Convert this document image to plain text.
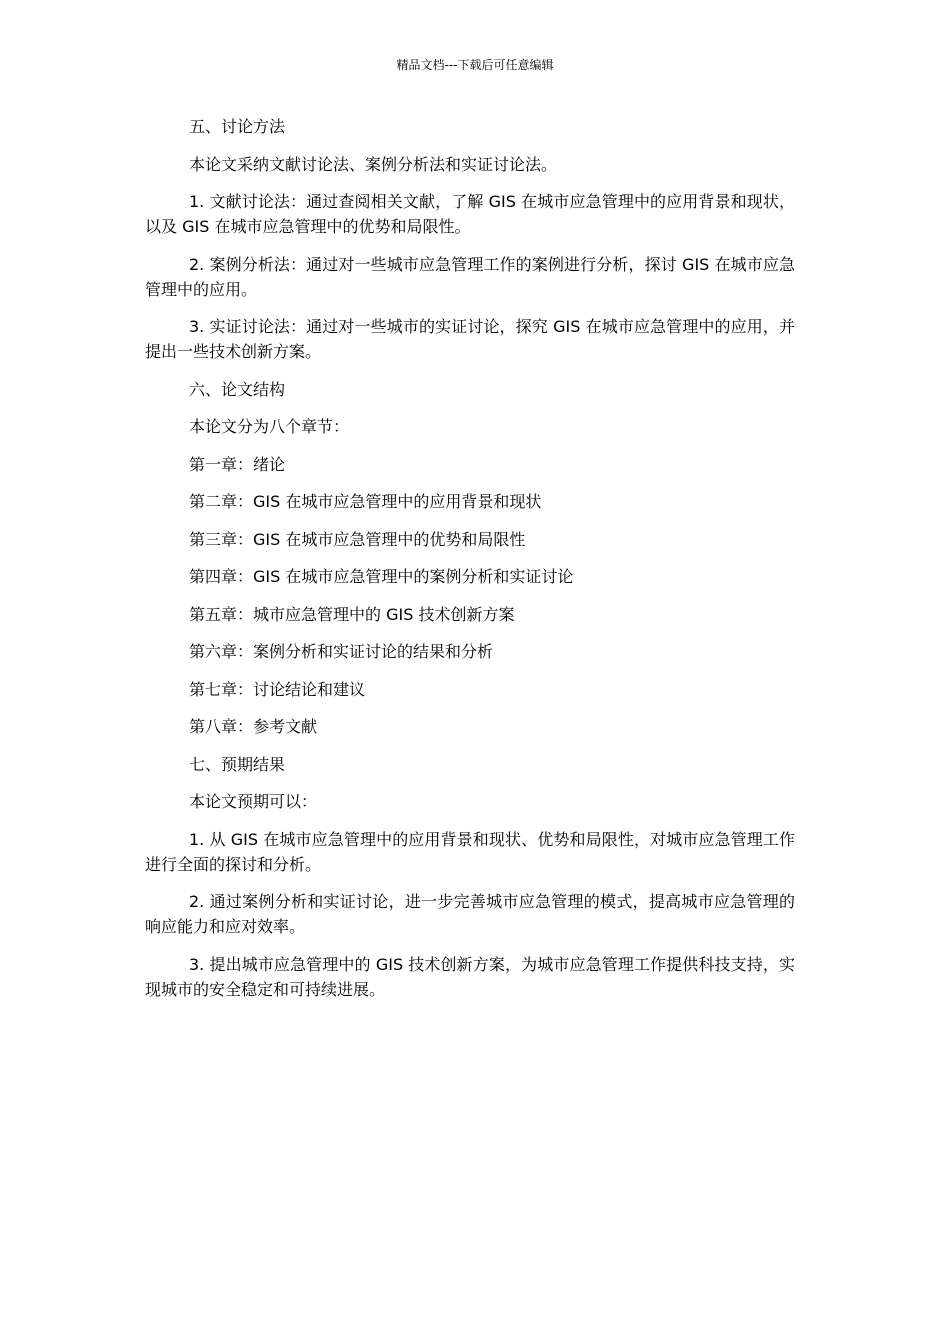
精品文档---下载后可任意编辑

五、讨论方法

本论文采纳文献讨论法、案例分析法和实证讨论法。

1. 文献讨论法：通过查阅相关文献，了解 GIS 在城市应急管理中的应用背景和现状，以及 GIS 在城市应急管理中的优势和局限性。

2. 案例分析法：通过对一些城市应急管理工作的案例进行分析，探讨 GIS 在城市应急管理中的应用。

3. 实证讨论法：通过对一些城市的实证讨论，探究 GIS 在城市应急管理中的应用，并提出一些技术创新方案。

六、论文结构

本论文分为八个章节：

第一章：绪论

第二章：GIS 在城市应急管理中的应用背景和现状

第三章：GIS 在城市应急管理中的优势和局限性

第四章：GIS 在城市应急管理中的案例分析和实证讨论

第五章：城市应急管理中的 GIS 技术创新方案

第六章：案例分析和实证讨论的结果和分析

第七章：讨论结论和建议

第八章：参考文献

七、预期结果

本论文预期可以：

1. 从 GIS 在城市应急管理中的应用背景和现状、优势和局限性，对城市应急管理工作进行全面的探讨和分析。

2. 通过案例分析和实证讨论，进一步完善城市应急管理的模式，提高城市应急管理的响应能力和应对效率。

3. 提出城市应急管理中的 GIS 技术创新方案，为城市应急管理工作提供科技支持，实现城市的安全稳定和可持续进展。
